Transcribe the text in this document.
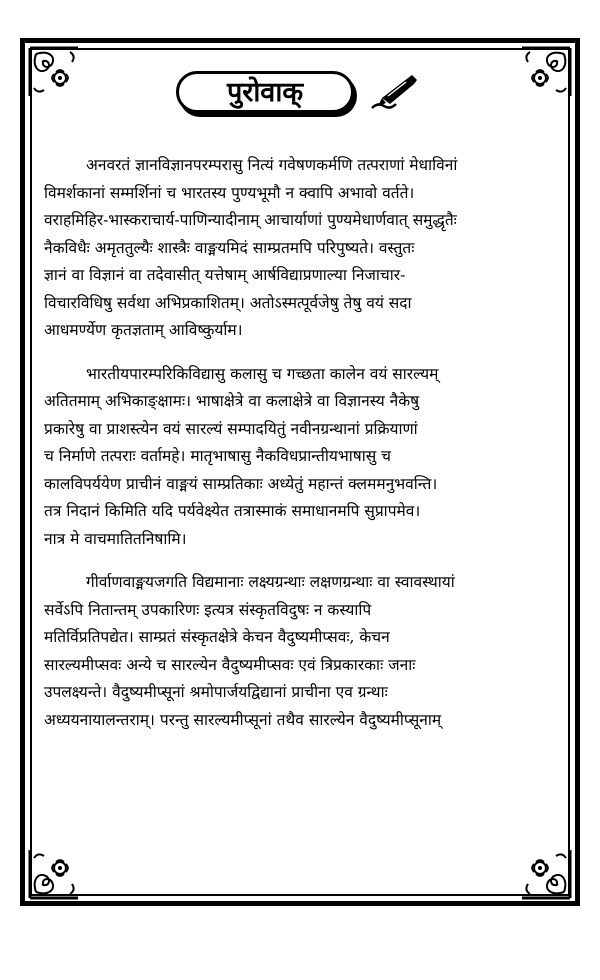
पुरोवाक्

अनवरतं ज्ञानविज्ञानपरम्परासु नित्यं गवेषणकर्मणि तत्पराणां मेधाविनां
विमर्शकानां सम्मर्शिनां च भारतस्य पुण्यभूमौ न क्वापि अभावो वर्तते।
वराहमिहिर-भास्कराचार्य-पाणिन्यादीनाम् आचार्याणां पुण्यमेधार्णवात् समुद्धृतैः
नैकविधैः अमृततुल्यैः शास्त्रैः वाङ्मयमिदं साम्प्रतमपि परिपुष्यते। वस्तुतः
ज्ञानं वा विज्ञानं वा तदेवासीत् यत्तेषाम् आर्षविद्याप्रणाल्या निजाचार-
विचारविधिषु सर्वथा अभिप्रकाशितम्। अतोऽस्मत्पूर्वजेषु तेषु वयं सदा
आधमर्ण्येण कृतज्ञताम् आविष्कुर्याम।

भारतीयपारम्परिकिविद्यासु कलासु च गच्छता कालेन वयं सारल्यम्
अतितमाम् अभिकाङ्क्षामः। भाषाक्षेत्रे वा कलाक्षेत्रे वा विज्ञानस्य नैकेषु
प्रकारेषु वा प्राशस्त्येन वयं सारल्यं सम्पादयितुं नवीनग्रन्थानां प्रक्रियाणां
च निर्माणे तत्पराः वर्तामहे। मातृभाषासु नैकविधप्रान्तीयभाषासु च
कालविपर्ययेण प्राचीनं वाङ्मयं साम्प्रतिकाः अध्येतुं महान्तं क्लममनुभवन्ति।
तत्र निदानं किमिति यदि पर्यवेक्ष्येत तत्रास्माकं समाधानमपि सुप्रापमेव।
नात्र मे वाचमातितनिषामि।

गीर्वाणवाङ्मयजगति विद्यमानाः लक्ष्यग्रन्थाः लक्षणग्रन्थाः वा स्वावस्थायां
सर्वेऽपि नितान्तम् उपकारिणः इत्यत्र संस्कृतविदुषः न कस्यापि
मतिर्विप्रतिपद्येत। साम्प्रतं संस्कृतक्षेत्रे केचन वैदुष्यमीप्सवः, केचन
सारल्यमीप्सवः अन्ये च सारल्येन वैदुष्यमीप्सवः एवं त्रिप्रकारकाः जनाः
उपलक्ष्यन्ते। वैदुष्यमीप्सूनां श्रमोपार्जयद्विद्यानां प्राचीना एव ग्रन्थाः
अध्ययनायालन्तराम्। परन्तु सारल्यमीप्सूनां तथैव सारल्येन वैदुष्यमीप्सूनाम्
